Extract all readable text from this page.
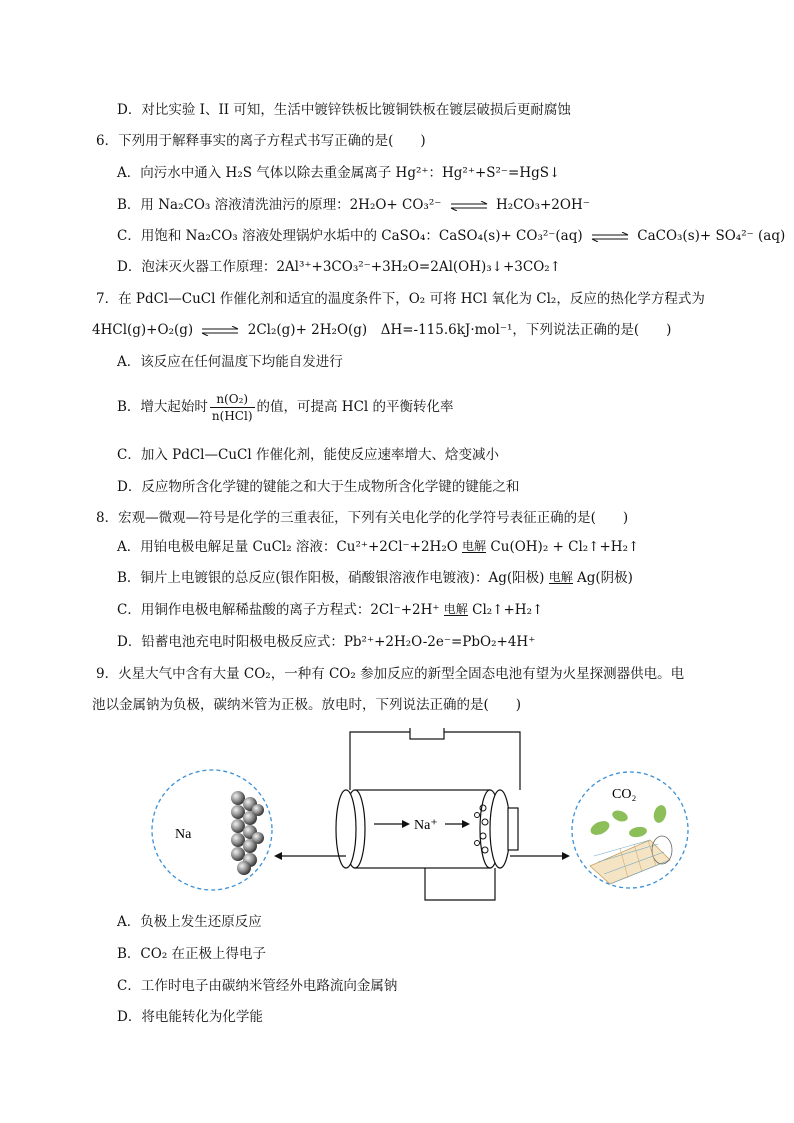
D．对比实验 I、II 可知，生活中镀锌铁板比镀铜铁板在镀层破损后更耐腐蚀
6．下列用于解释事实的离子方程式书写正确的是(　　)
A．向污水中通入 H₂S 气体以除去重金属离子 Hg²⁺：Hg²⁺+S²⁻=HgS↓
B．用 Na₂CO₃ 溶液清洗油污的原理：2H₂O+ CO₃²⁻ ⇌ H₂CO₃+2OH⁻
C．用饱和 Na₂CO₃ 溶液处理锅炉水垢中的 CaSO₄：CaSO₄(s)+ CO₃²⁻(aq) ⇌ CaCO₃(s)+ SO₄²⁻ (aq)
D．泡沫灭火器工作原理：2Al³⁺+3CO₃²⁻+3H₂O=2Al(OH)₃↓+3CO₂↑
7．在 PdCl—CuCl 作催化剂和适宜的温度条件下，O₂ 可将 HCl 氧化为 Cl₂，反应的热化学方程式为
4HCl(g)+O₂(g) ⇌ 2Cl₂(g)+ 2H₂O(g)　ΔH=-115.6kJ·mol⁻¹，下列说法正确的是(　　)
A．该反应在任何温度下均能自发进行
B．增大起始时 $\frac{\text{n(O₂)}}{\text{n(HCl)}}$ 的值，可提高 HCl 的平衡转化率
C．加入 PdCl—CuCl 作催化剂，能使反应速率增大、焓变减小
D．反应物所含化学键的键能之和大于生成物所含化学键的键能之和
8．宏观—微观—符号是化学的三重表征，下列有关电化学的化学符号表征正确的是(　　)
A．用铂电极电解足量 CuCl₂ 溶液：Cu²⁺+2Cl⁻+2H₂O 电解 Cu(OH)₂ + Cl₂↑+H₂↑
B．铜片上电镀银的总反应(银作阳极，硝酸银溶液作电镀液)：Ag(阳极) 电解 Ag(阴极)
C．用铜作电极电解稀盐酸的离子方程式：2Cl⁻+2H⁺ 电解 Cl₂↑+H₂↑
D．铅蓄电池充电时阳极电极反应式：Pb²⁺+2H₂O-2e⁻=PbO₂+4H⁺
9．火星大气中含有大量 CO₂，一种有 CO₂ 参加反应的新型全固态电池有望为火星探测器供电。电
池以金属钠为负极，碳纳米管为正极。放电时，下列说法正确的是(　　)
Na⁺
Na
CO₂
A．负极上发生还原反应
B．CO₂ 在正极上得电子
C．工作时电子由碳纳米管经外电路流向金属钠
D．将电能转化为化学能
